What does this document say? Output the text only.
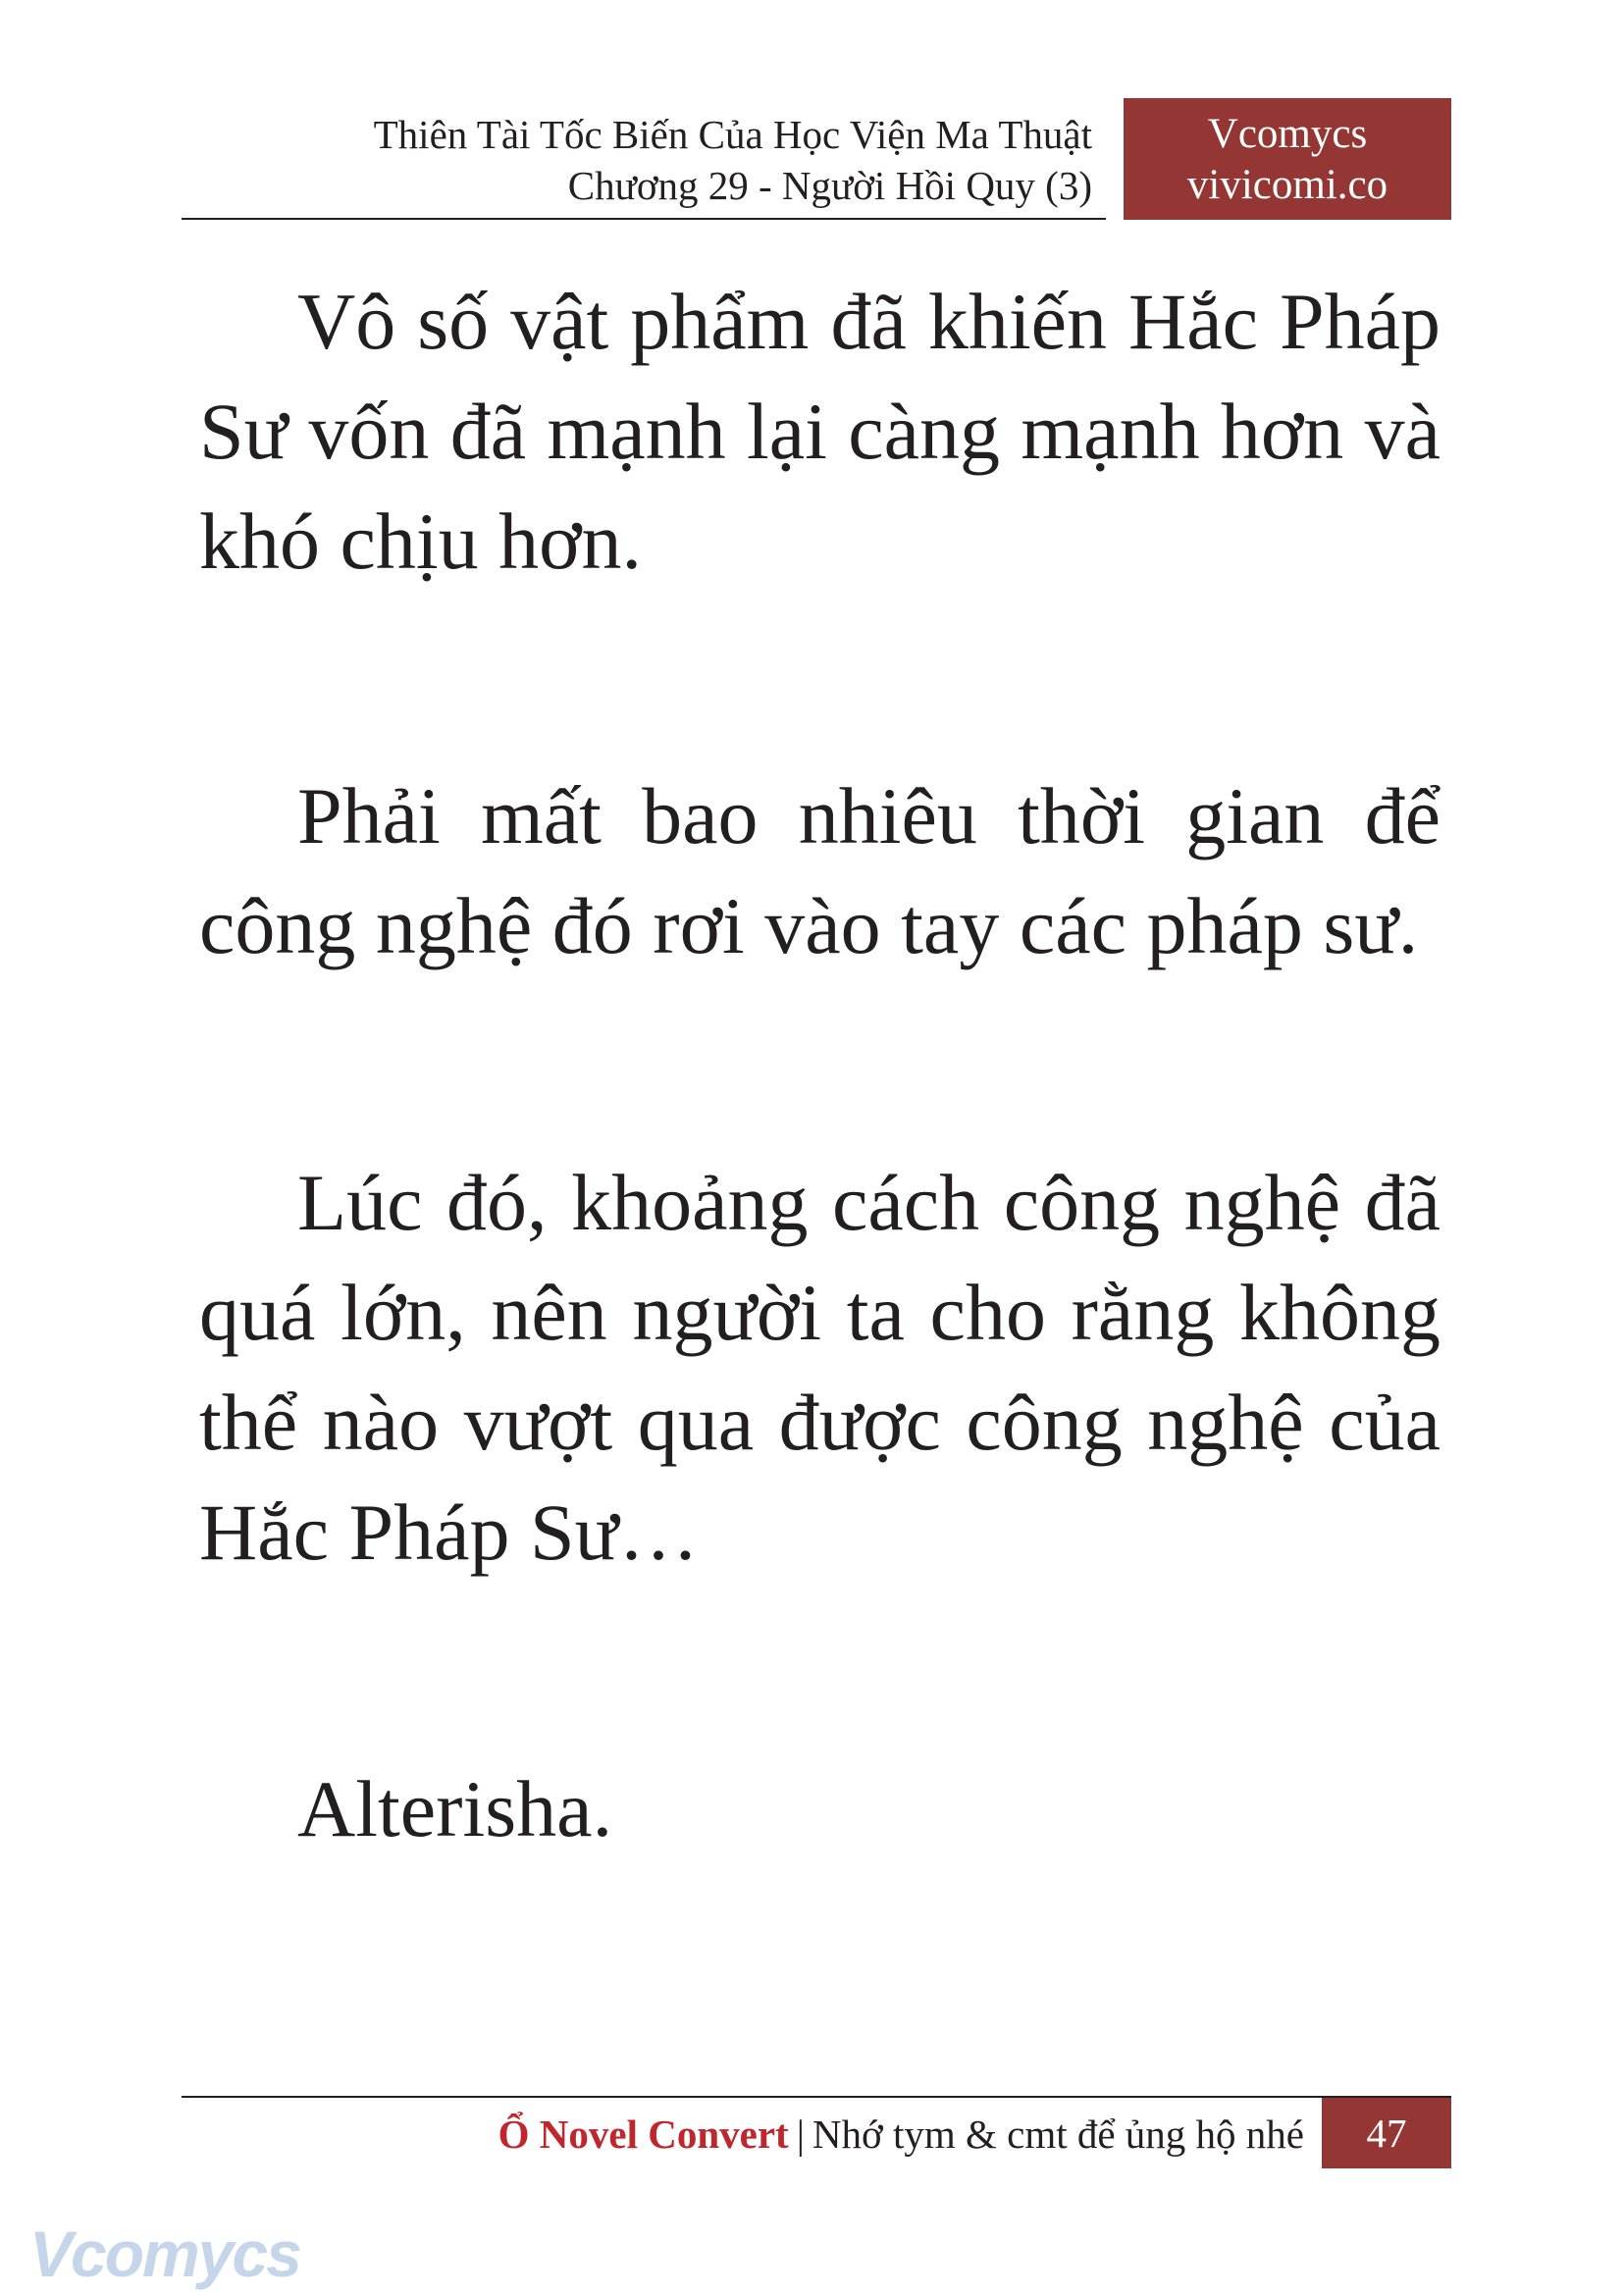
Thiên Tài Tốc Biến Của Học Viện Ma Thuật
Chương 29 - Người Hồi Quy (3)
Vcomycs
vivicomi.co

Vô số vật phẩm đã khiến Hắc Pháp Sư vốn đã mạnh lại càng mạnh hơn và khó chịu hơn.

Phải mất bao nhiêu thời gian để công nghệ đó rơi vào tay các pháp sư.

Lúc đó, khoảng cách công nghệ đã quá lớn, nên người ta cho rằng không thể nào vượt qua được công nghệ của Hắc Pháp Sư…

Alterisha.

Ổ Novel Convert | Nhớ tym & cmt để ủng hộ nhé	47
Vcomycs
